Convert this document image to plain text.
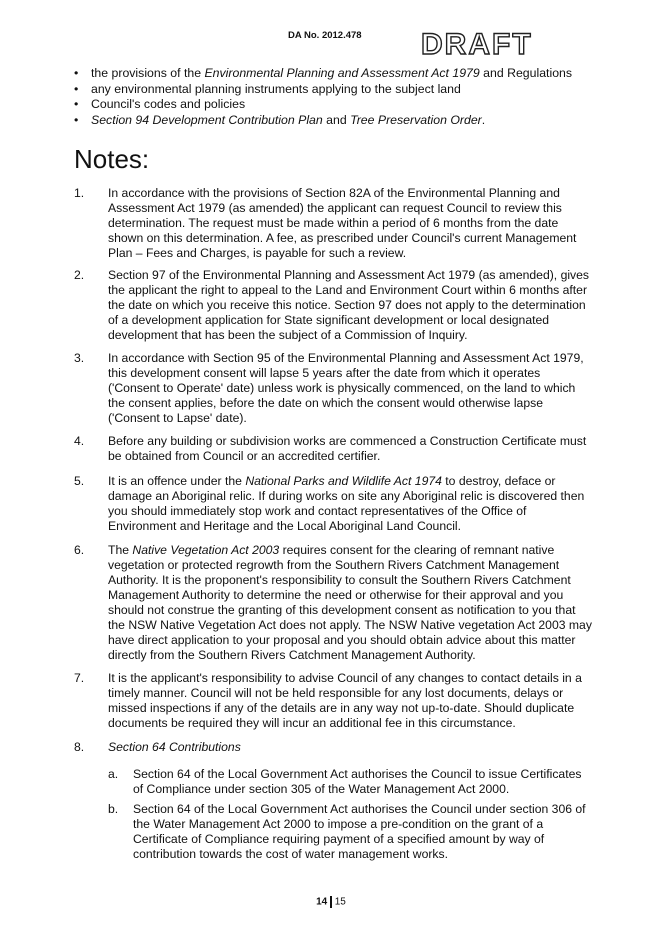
DA No. 2012.478 DRAFT
• the provisions of the Environmental Planning and Assessment Act 1979 and Regulations
• any environmental planning instruments applying to the subject land
• Council's codes and policies
• Section 94 Development Contribution Plan and Tree Preservation Order.
Notes:
1. In accordance with the provisions of Section 82A of the Environmental Planning and Assessment Act 1979 (as amended) the applicant can request Council to review this determination. The request must be made within a period of 6 months from the date shown on this determination. A fee, as prescribed under Council's current Management Plan – Fees and Charges, is payable for such a review.
2. Section 97 of the Environmental Planning and Assessment Act 1979 (as amended), gives the applicant the right to appeal to the Land and Environment Court within 6 months after the date on which you receive this notice. Section 97 does not apply to the determination of a development application for State significant development or local designated development that has been the subject of a Commission of Inquiry.
3. In accordance with Section 95 of the Environmental Planning and Assessment Act 1979, this development consent will lapse 5 years after the date from which it operates ('Consent to Operate' date) unless work is physically commenced, on the land to which the consent applies, before the date on which the consent would otherwise lapse ('Consent to Lapse' date).
4. Before any building or subdivision works are commenced a Construction Certificate must be obtained from Council or an accredited certifier.
5. It is an offence under the National Parks and Wildlife Act 1974 to destroy, deface or damage an Aboriginal relic. If during works on site any Aboriginal relic is discovered then you should immediately stop work and contact representatives of the Office of Environment and Heritage and the Local Aboriginal Land Council.
6. The Native Vegetation Act 2003 requires consent for the clearing of remnant native vegetation or protected regrowth from the Southern Rivers Catchment Management Authority. It is the proponent's responsibility to consult the Southern Rivers Catchment Management Authority to determine the need or otherwise for their approval and you should not construe the granting of this development consent as notification to you that the NSW Native Vegetation Act does not apply. The NSW Native vegetation Act 2003 may have direct application to your proposal and you should obtain advice about this matter directly from the Southern Rivers Catchment Management Authority.
7. It is the applicant's responsibility to advise Council of any changes to contact details in a timely manner. Council will not be held responsible for any lost documents, delays or missed inspections if any of the details are in any way not up-to-date. Should duplicate documents be required they will incur an additional fee in this circumstance.
8. Section 64 Contributions
a. Section 64 of the Local Government Act authorises the Council to issue Certificates of Compliance under section 305 of the Water Management Act 2000.
b. Section 64 of the Local Government Act authorises the Council under section 306 of the Water Management Act 2000 to impose a pre-condition on the grant of a Certificate of Compliance requiring payment of a specified amount by way of contribution towards the cost of water management works.
14 15
